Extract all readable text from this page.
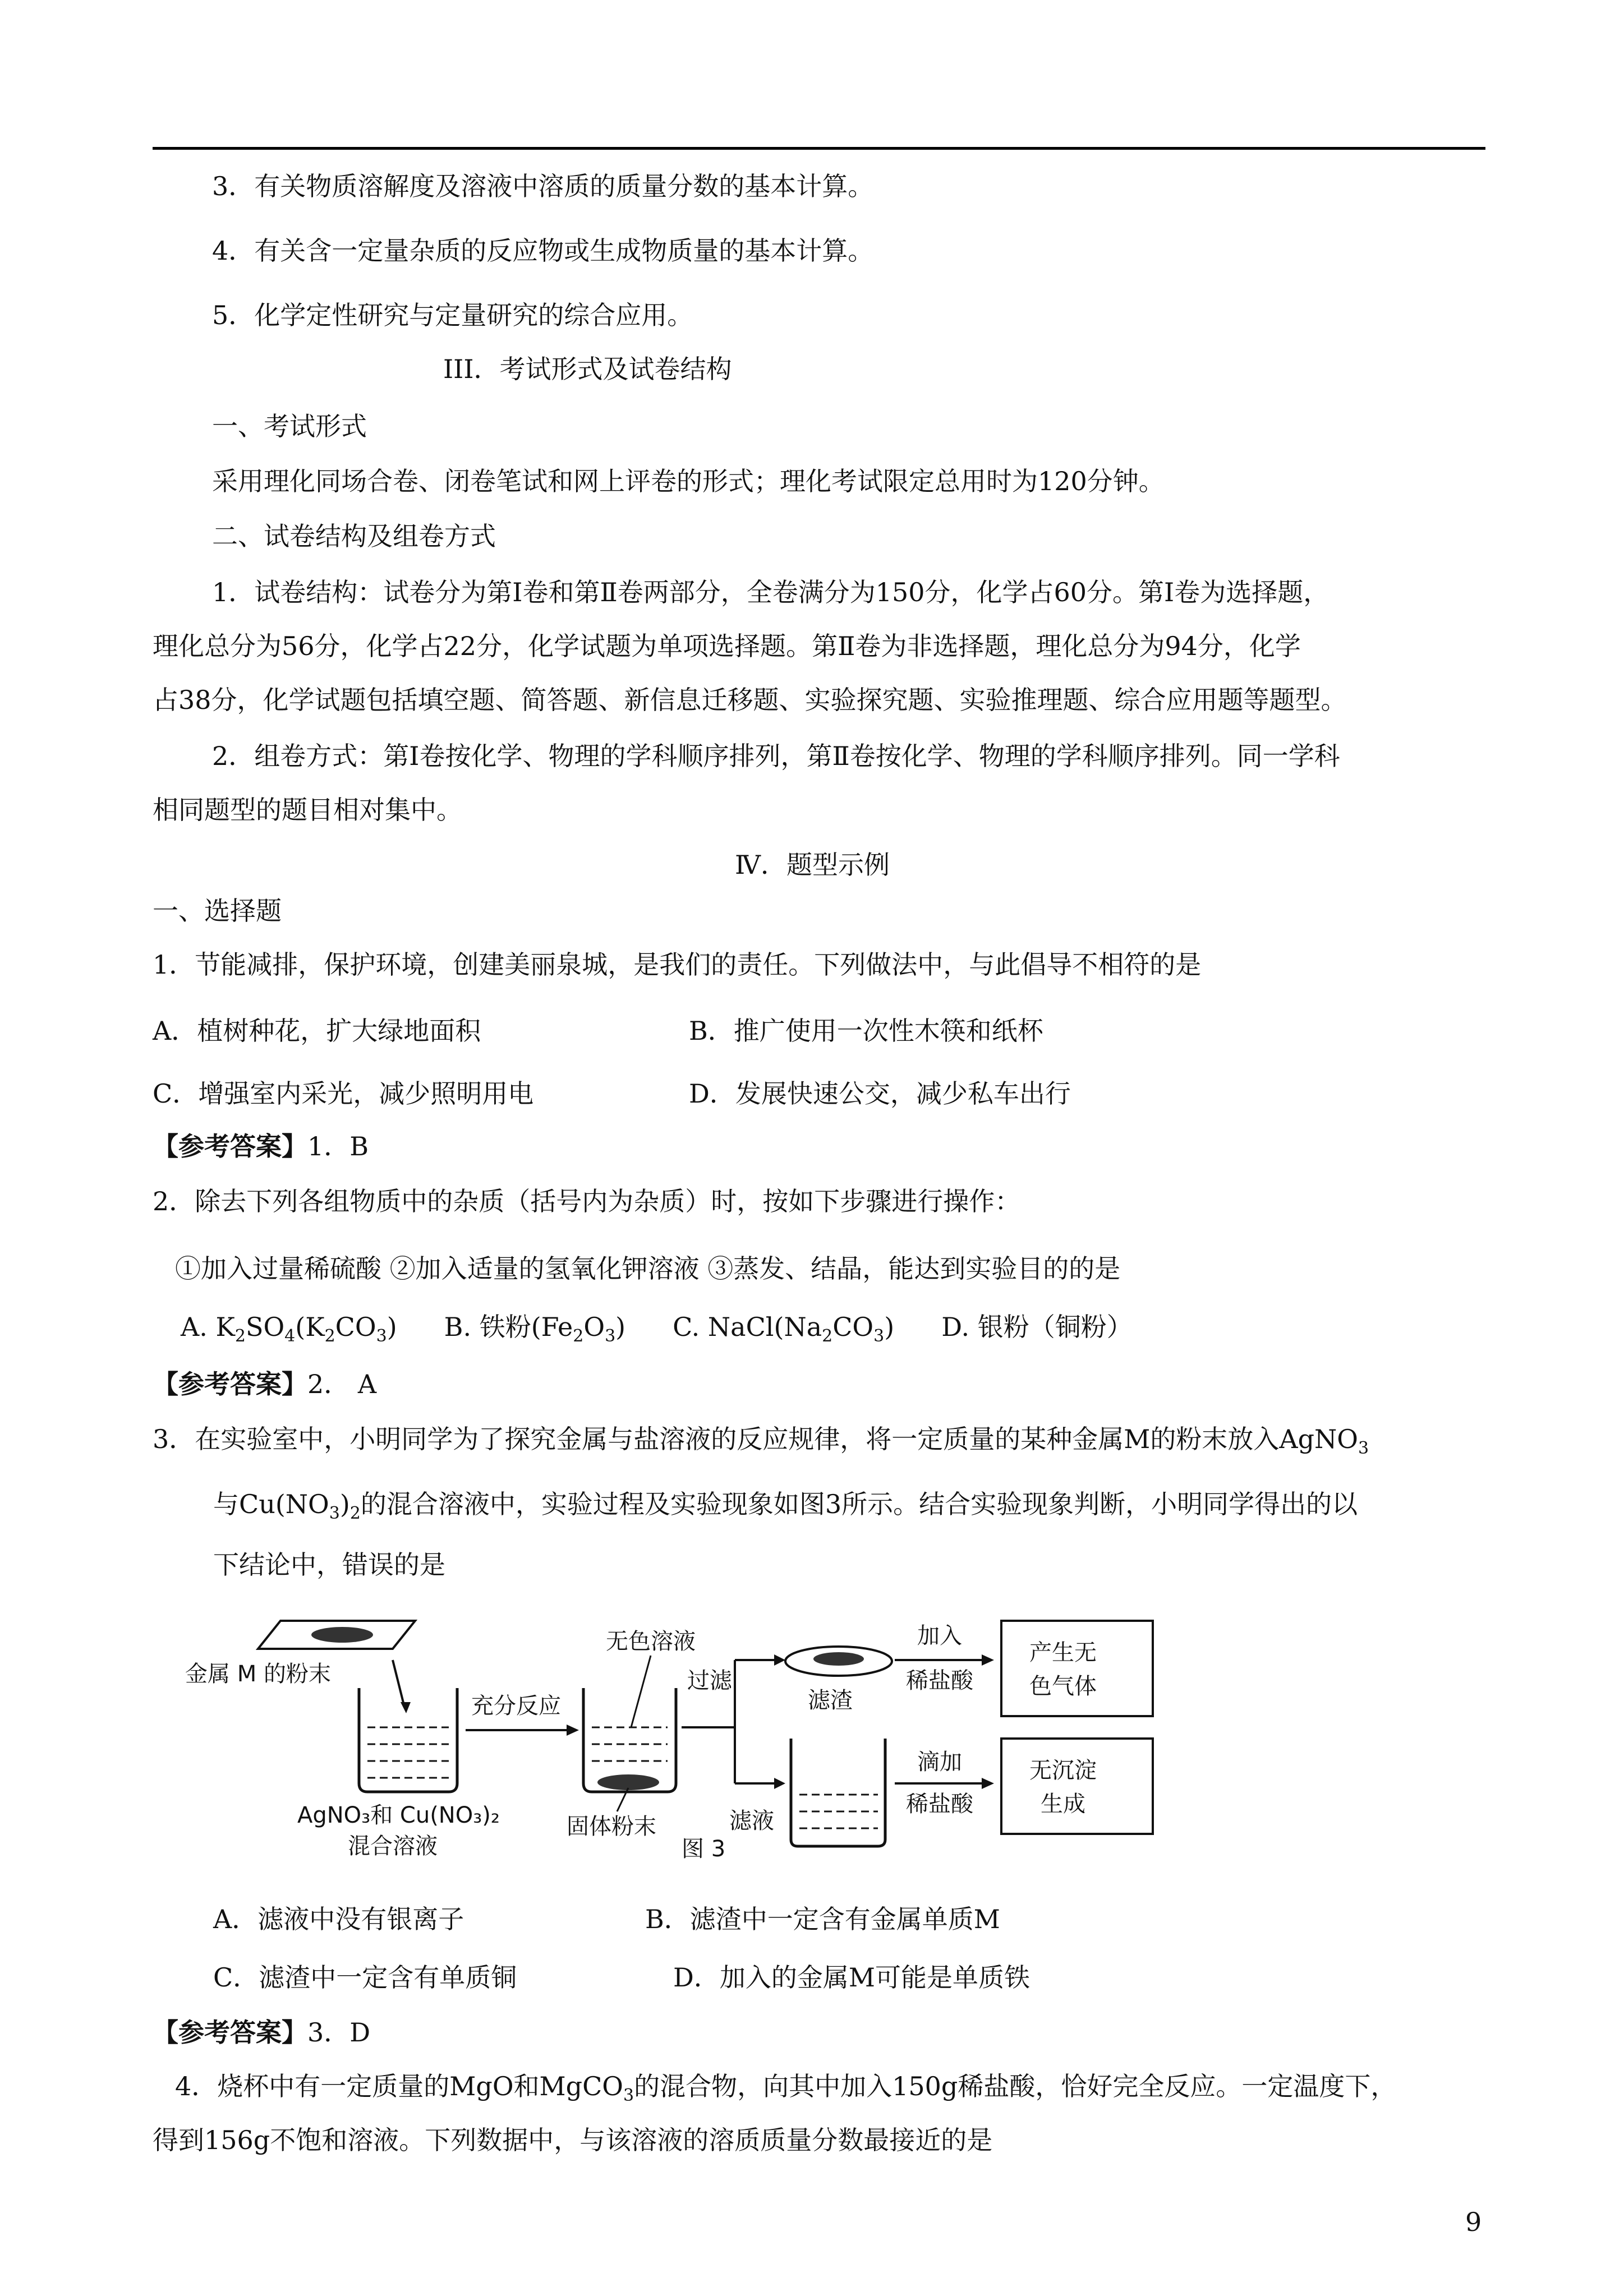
3．有关物质溶解度及溶液中溶质的质量分数的基本计算。
4．有关含一定量杂质的反应物或生成物质量的基本计算。
5．化学定性研究与定量研究的综合应用。
III．考试形式及试卷结构
一、考试形式
采用理化同场合卷、闭卷笔试和网上评卷的形式；理化考试限定总用时为120分钟。
二、试卷结构及组卷方式
1．试卷结构：试卷分为第Ⅰ卷和第Ⅱ卷两部分，全卷满分为150分，化学占60分。第Ⅰ卷为选择题，
理化总分为56分，化学占22分，化学试题为单项选择题。第Ⅱ卷为非选择题，理化总分为94分，化学
占38分，化学试题包括填空题、简答题、新信息迁移题、实验探究题、实验推理题、综合应用题等题型。
2．组卷方式：第Ⅰ卷按化学、物理的学科顺序排列，第Ⅱ卷按化学、物理的学科顺序排列。同一学科
相同题型的题目相对集中。
Ⅳ．题型示例
一、选择题
1．节能减排，保护环境，创建美丽泉城，是我们的责任。下列做法中，与此倡导不相符的是
A．植树种花，扩大绿地面积	B．推广使用一次性木筷和纸杯
C．增强室内采光，减少照明用电	D．发展快速公交，减少私车出行
【参考答案】1．B
2．除去下列各组物质中的杂质（括号内为杂质）时，按如下步骤进行操作：
①加入过量稀硫酸 ②加入适量的氢氧化钾溶液 ③蒸发、结晶，能达到实验目的的是
A. $K_2SO_4(K_2CO_3)$ B. 铁粉$(Fe_2O_3)$ C. $NaCl(Na_2CO_3)$ D. 银粉（铜粉）
【参考答案】2． A
3．在实验室中，小明同学为了探究金属与盐溶液的反应规律，将一定质量的某种金属M的粉末放入AgNO$_3$
与$Cu(NO_3)_2$的混合溶液中，实验过程及实验现象如图3所示。结合实验现象判断，小明同学得出的以
下结论中，错误的是
金属 M 的粉末
AgNO₃和 Cu(NO₃)₂
混合溶液
充分反应
无色溶液
固体粉末
过滤
滤渣
滤液
加入
稀盐酸
滴加
稀盐酸
产生无
色气体
无沉淀
生成
图 3
A．滤液中没有银离子	B．滤渣中一定含有金属单质M
C．滤渣中一定含有单质铜	D．加入的金属M可能是单质铁
【参考答案】3．D
4．烧杯中有一定质量的MgO和MgCO$_3$的混合物，向其中加入150g稀盐酸，恰好完全反应。一定温度下，
得到156g不饱和溶液。下列数据中，与该溶液的溶质质量分数最接近的是
9
